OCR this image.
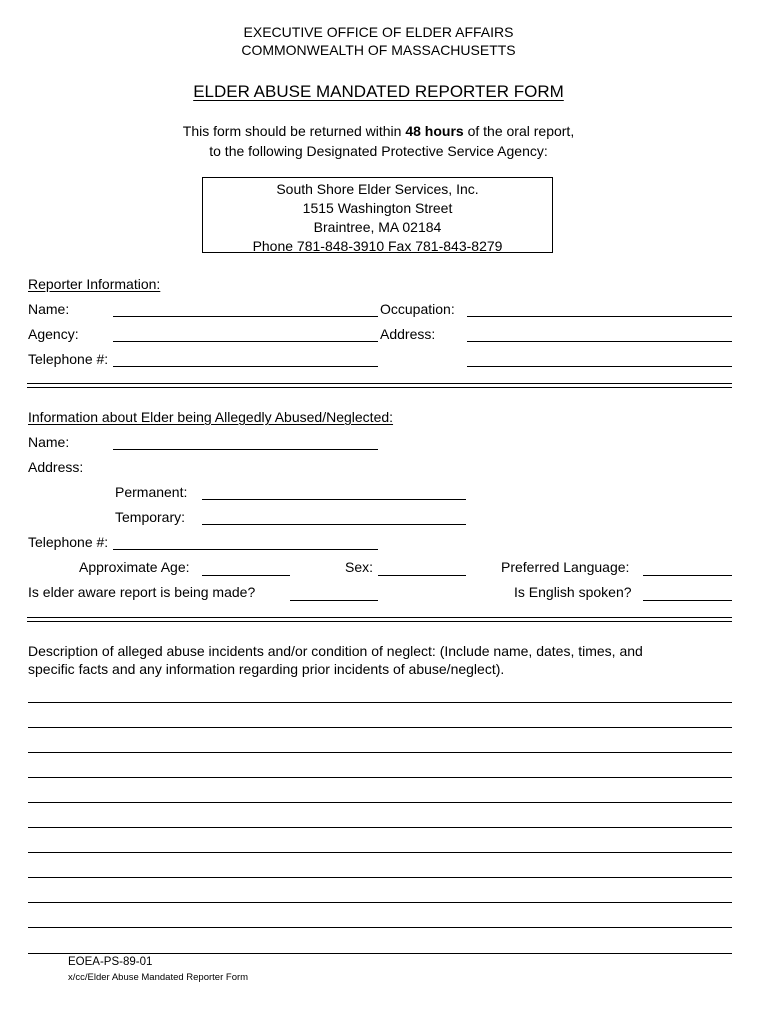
EXECUTIVE OFFICE OF ELDER AFFAIRS
COMMONWEALTH OF MASSACHUSETTS
ELDER ABUSE MANDATED REPORTER FORM
This form should be returned within 48 hours of the oral report,
to the following Designated Protective Service Agency:
South Shore Elder Services, Inc.
1515 Washington Street
Braintree, MA 02184
Phone 781-848-3910 Fax 781-843-8279
Reporter Information:
Name:	Occupation:
Agency:	Address:
Telephone #:
Information about Elder being Allegedly Abused/Neglected:
Name:
Address:
Permanent:
Temporary:
Telephone #:
Approximate Age:	Sex:	Preferred Language:
Is elder aware report is being made?	Is English spoken?
Description of alleged abuse incidents and/or condition of neglect: (Include name, dates, times, and
specific facts and any information regarding prior incidents of abuse/neglect).
EOEA-PS-89-01
x/cc/Elder Abuse Mandated Reporter Form
